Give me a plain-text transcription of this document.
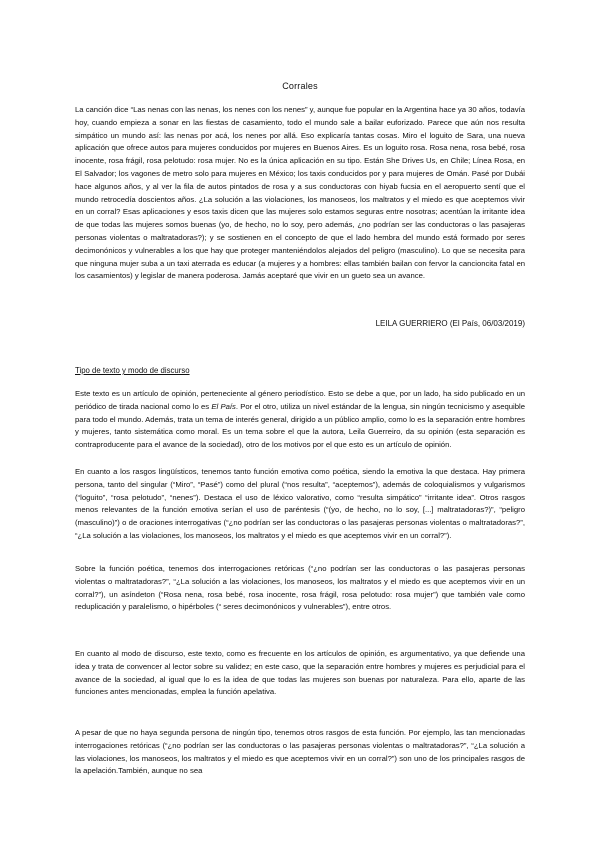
Corrales

La canción dice “Las nenas con las nenas, los nenes con los nenes” y, aunque fue popular en la Argentina hace ya 30 años, todavía hoy, cuando empieza a sonar en las fiestas de casamiento, todo el mundo sale a bailar euforizado. Parece que aún nos resulta simpático un mundo así: las nenas por acá, los nenes por allá. Eso explicaría tantas cosas. Miro el loguito de Sara, una nueva aplicación que ofrece autos para mujeres conducidos por mujeres en Buenos Aires. Es un loguito rosa. Rosa nena, rosa bebé, rosa inocente, rosa frágil, rosa pelotudo: rosa mujer. No es la única aplicación en su tipo. Están She Drives Us, en Chile; Línea Rosa, en El Salvador; los vagones de metro solo para mujeres en México; los taxis conducidos por y para mujeres de Omán. Pasé por Dubái hace algunos años, y al ver la fila de autos pintados de rosa y a sus conductoras con hiyab fucsia en el aeropuerto sentí que el mundo retrocedía doscientos años. ¿La solución a las violaciones, los manoseos, los maltratos y el miedo es que aceptemos vivir en un corral? Esas aplicaciones y esos taxis dicen que las mujeres solo estamos seguras entre nosotras; acentúan la irritante idea de que todas las mujeres somos buenas (yo, de hecho, no lo soy, pero además, ¿no podrían ser las conductoras o las pasajeras personas violentas o maltratadoras?); y se sostienen en el concepto de que el lado hembra del mundo está formado por seres decimonónicos y vulnerables a los que hay que proteger manteniéndolos alejados del peligro (masculino). Lo que se necesita para que ninguna mujer suba a un taxi aterrada es educar (a mujeres y a hombres: ellas también bailan con fervor la cancioncita fatal en los casamientos) y legislar de manera poderosa. Jamás aceptaré que vivir en un gueto sea un avance.

LEILA GUERRIERO (El País, 06/03/2019)

Tipo de texto y modo de discurso

Este texto es un artículo de opinión, perteneciente al género periodístico. Esto se debe a que, por un lado, ha sido publicado en un periódico de tirada nacional como lo es El País. Por el otro, utiliza un nivel estándar de la lengua, sin ningún tecnicismo y asequible para todo el mundo. Además, trata un tema de interés general, dirigido a un público amplio, como lo es la separación entre hombres y mujeres, tanto sistemática como moral. Es un tema sobre el que la autora, Leila Guerreiro, da su opinión (esta separación es contraproducente para el avance de la sociedad), otro de los motivos por el que esto es un artículo de opinión.

En cuanto a los rasgos lingüísticos, tenemos tanto función emotiva como poética, siendo la emotiva la que destaca. Hay primera persona, tanto del singular (“Miro”, “Pasé”) como del plural (“nos resulta”, “aceptemos”), además de coloquialismos y vulgarismos (“loguito”, “rosa pelotudo”, “nenes”). Destaca el uso de léxico valorativo, como “resulta simpático” “irritante idea”. Otros rasgos menos relevantes de la función emotiva serían el uso de paréntesis (“(yo, de hecho, no lo soy, [...] maltratadoras?)”, “peligro (masculino)”) o de oraciones interrogativas (“¿no podrían ser las conductoras o las pasajeras personas violentas o maltratadoras?”, “¿La solución a las violaciones, los manoseos, los maltratos y el miedo es que aceptemos vivir en un corral?”).

Sobre la función poética, tenemos dos interrogaciones retóricas (“¿no podrían ser las conductoras o las pasajeras personas violentas o maltratadoras?”, “¿La solución a las violaciones, los manoseos, los maltratos y el miedo es que aceptemos vivir en un corral?”), un asíndeton (“Rosa nena, rosa bebé, rosa inocente, rosa frágil, rosa pelotudo: rosa mujer”) que también vale como reduplicación y paralelismo, o hipérboles (“ seres decimonónicos y vulnerables”), entre otros.

En cuanto al modo de discurso, este texto, como es frecuente en los artículos de opinión, es argumentativo, ya que defiende una idea y trata de convencer al lector sobre su validez; en este caso, que la separación entre hombres y mujeres es perjudicial para el avance de la sociedad, al igual que lo es la idea de que todas las mujeres son buenas por naturaleza. Para ello, aparte de las funciones antes mencionadas, emplea la función apelativa.

A pesar de que no haya segunda persona de ningún tipo, tenemos otros rasgos de esta función. Por ejemplo, las tan mencionadas interrogaciones retóricas (“¿no podrían ser las conductoras o las pasajeras personas violentas o maltratadoras?”, “¿La solución a las violaciones, los manoseos, los maltratos y el miedo es que aceptemos vivir en un corral?”) son uno de los principales rasgos de la apelación.También, aunque no sea
